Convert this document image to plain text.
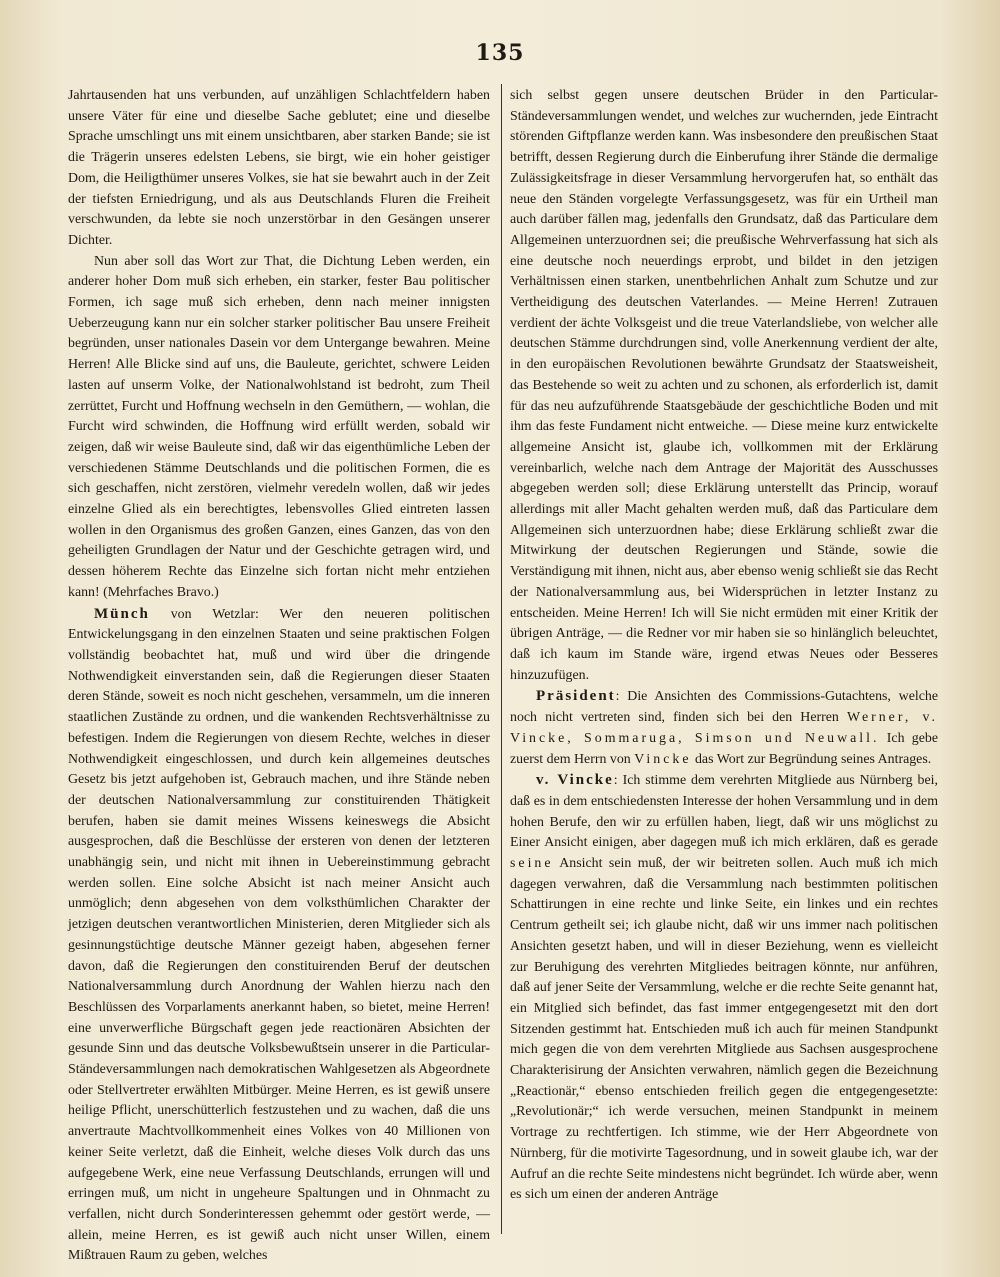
135

Jahrtausenden hat uns verbunden, auf unzähligen Schlachtfeldern haben unsere Väter für eine und dieselbe Sache geblutet; eine und dieselbe Sprache umschlingt uns mit einem unsichtbaren, aber starken Bande; sie ist die Trägerin unseres edelsten Lebens, sie birgt, wie ein hoher geistiger Dom, die Heiligthümer unseres Volkes, sie hat sie bewahrt auch in der Zeit der tiefsten Erniedrigung, und als aus Deutschlands Fluren die Freiheit verschwunden, da lebte sie noch unzerstörbar in den Gesängen unserer Dichter.

Nun aber soll das Wort zur That, die Dichtung Leben werden, ein anderer hoher Dom muß sich erheben, ein starker, fester Bau politischer Formen, ich sage muß sich erheben, denn nach meiner innigsten Ueberzeugung kann nur ein solcher starker politischer Bau unsere Freiheit begründen, unser nationales Dasein vor dem Untergange bewahren. Meine Herren! Alle Blicke sind auf uns, die Bauleute, gerichtet, schwere Leiden lasten auf unserm Volke, der Nationalwohlstand ist bedroht, zum Theil zerrüttet, Furcht und Hoffnung wechseln in den Gemüthern, — wohlan, die Furcht wird schwinden, die Hoffnung wird erfüllt werden, sobald wir zeigen, daß wir weise Bauleute sind, daß wir das eigenthümliche Leben der verschiedenen Stämme Deutschlands und die politischen Formen, die es sich geschaffen, nicht zerstören, vielmehr veredeln wollen, daß wir jedes einzelne Glied als ein berechtigtes, lebensvolles Glied eintreten lassen wollen in den Organismus des großen Ganzen, eines Ganzen, das von den geheiligten Grundlagen der Natur und der Geschichte getragen wird, und dessen höherem Rechte das Einzelne sich fortan nicht mehr entziehen kann! (Mehrfaches Bravo.)

Münch von Wetzlar: Wer den neueren politischen Entwickelungsgang in den einzelnen Staaten und seine praktischen Folgen vollständig beobachtet hat, muß und wird über die dringende Nothwendigkeit einverstanden sein, daß die Regierungen dieser Staaten deren Stände, soweit es noch nicht geschehen, versammeln, um die inneren staatlichen Zustände zu ordnen, und die wankenden Rechtsverhältnisse zu befestigen. Indem die Regierungen von diesem Rechte, welches in dieser Nothwendigkeit eingeschlossen, und durch kein allgemeines deutsches Gesetz bis jetzt aufgehoben ist, Gebrauch machen, und ihre Stände neben der deutschen Nationalversammlung zur constituirenden Thätigkeit berufen, haben sie damit meines Wissens keineswegs die Absicht ausgesprochen, daß die Beschlüsse der ersteren von denen der letzteren unabhängig sein, und nicht mit ihnen in Uebereinstimmung gebracht werden sollen. Eine solche Absicht ist nach meiner Ansicht auch unmöglich; denn abgesehen von dem volksthümlichen Charakter der jetzigen deutschen verantwortlichen Ministerien, deren Mitglieder sich als gesinnungstüchtige deutsche Männer gezeigt haben, abgesehen ferner davon, daß die Regierungen den constituirenden Beruf der deutschen Nationalversammlung durch Anordnung der Wahlen hierzu nach den Beschlüssen des Vorparlaments anerkannt haben, so bietet, meine Herren! eine unverwerfliche Bürgschaft gegen jede reactionären Absichten der gesunde Sinn und das deutsche Volksbewußtsein unserer in die Particular-Ständeversammlungen nach demokratischen Wahlgesetzen als Abgeordnete oder Stellvertreter erwählten Mitbürger. Meine Herren, es ist gewiß unsere heilige Pflicht, unerschütterlich festzustehen und zu wachen, daß die uns anvertraute Machtvollkommenheit eines Volkes von 40 Millionen von keiner Seite verletzt, daß die Einheit, welche dieses Volk durch das uns aufgegebene Werk, eine neue Verfassung Deutschlands, errungen will und erringen muß, um nicht in ungeheure Spaltungen und in Ohnmacht zu verfallen, nicht durch Sonderinteressen gehemmt oder gestört werde, — allein, meine Herren, es ist gewiß auch nicht unser Willen, einem Mißtrauen Raum zu geben, welches

sich selbst gegen unsere deutschen Brüder in den Particular-Ständeversammlungen wendet, und welches zur wuchernden, jede Eintracht störenden Giftpflanze werden kann. Was insbesondere den preußischen Staat betrifft, dessen Regierung durch die Einberufung ihrer Stände die dermalige Zulässigkeitsfrage in dieser Versammlung hervorgerufen hat, so enthält das neue den Ständen vorgelegte Verfassungsgesetz, was für ein Urtheil man auch darüber fällen mag, jedenfalls den Grundsatz, daß das Particulare dem Allgemeinen unterzuordnen sei; die preußische Wehrverfassung hat sich als eine deutsche noch neuerdings erprobt, und bildet in den jetzigen Verhältnissen einen starken, unentbehrlichen Anhalt zum Schutze und zur Vertheidigung des deutschen Vaterlandes. — Meine Herren! Zutrauen verdient der ächte Volksgeist und die treue Vaterlandsliebe, von welcher alle deutschen Stämme durchdrungen sind, volle Anerkennung verdient der alte, in den europäischen Revolutionen bewährte Grundsatz der Staatsweisheit, das Bestehende so weit zu achten und zu schonen, als erforderlich ist, damit für das neu aufzuführende Staatsgebäude der geschichtliche Boden und mit ihm das feste Fundament nicht entweiche. — Diese meine kurz entwickelte allgemeine Ansicht ist, glaube ich, vollkommen mit der Erklärung vereinbarlich, welche nach dem Antrage der Majorität des Ausschusses abgegeben werden soll; diese Erklärung unterstellt das Princip, worauf allerdings mit aller Macht gehalten werden muß, daß das Particulare dem Allgemeinen sich unterzuordnen habe; diese Erklärung schließt zwar die Mitwirkung der deutschen Regierungen und Stände, sowie die Verständigung mit ihnen, nicht aus, aber ebenso wenig schließt sie das Recht der Nationalversammlung aus, bei Widersprüchen in letzter Instanz zu entscheiden. Meine Herren! Ich will Sie nicht ermüden mit einer Kritik der übrigen Anträge, — die Redner vor mir haben sie so hinlänglich beleuchtet, daß ich kaum im Stande wäre, irgend etwas Neues oder Besseres hinzuzufügen.

Präsident: Die Ansichten des Commissions-Gutachtens, welche noch nicht vertreten sind, finden sich bei den Herren Werner, v. Vincke, Sommaruga, Simson und Neuwall. Ich gebe zuerst dem Herrn von Vincke das Wort zur Begründung seines Antrages.

v. Vincke: Ich stimme dem verehrten Mitgliede aus Nürnberg bei, daß es in dem entschiedensten Interesse der hohen Versammlung und in dem hohen Berufe, den wir zu erfüllen haben, liegt, daß wir uns möglichst zu Einer Ansicht einigen, aber dagegen muß ich mich erklären, daß es gerade seine Ansicht sein muß, der wir beitreten sollen. Auch muß ich mich dagegen verwahren, daß die Versammlung nach bestimmten politischen Schattirungen in eine rechte und linke Seite, ein linkes und ein rechtes Centrum getheilt sei; ich glaube nicht, daß wir uns immer nach politischen Ansichten gesetzt haben, und will in dieser Beziehung, wenn es vielleicht zur Beruhigung des verehrten Mitgliedes beitragen könnte, nur anführen, daß auf jener Seite der Versammlung, welche er die rechte Seite genannt hat, ein Mitglied sich befindet, das fast immer entgegengesetzt mit den dort Sitzenden gestimmt hat. Entschieden muß ich auch für meinen Standpunkt mich gegen die von dem verehrten Mitgliede aus Sachsen ausgesprochene Charakterisirung der Ansichten verwahren, nämlich gegen die Bezeichnung „Reactionär,“ ebenso entschieden freilich gegen die entgegengesetzte: „Revolutionär;“ ich werde versuchen, meinen Standpunkt in meinem Vortrage zu rechtfertigen. Ich stimme, wie der Herr Abgeordnete von Nürnberg, für die motivirte Tagesordnung, und in soweit glaube ich, war der Aufruf an die rechte Seite mindestens nicht begründet. Ich würde aber, wenn es sich um einen der anderen Anträge
